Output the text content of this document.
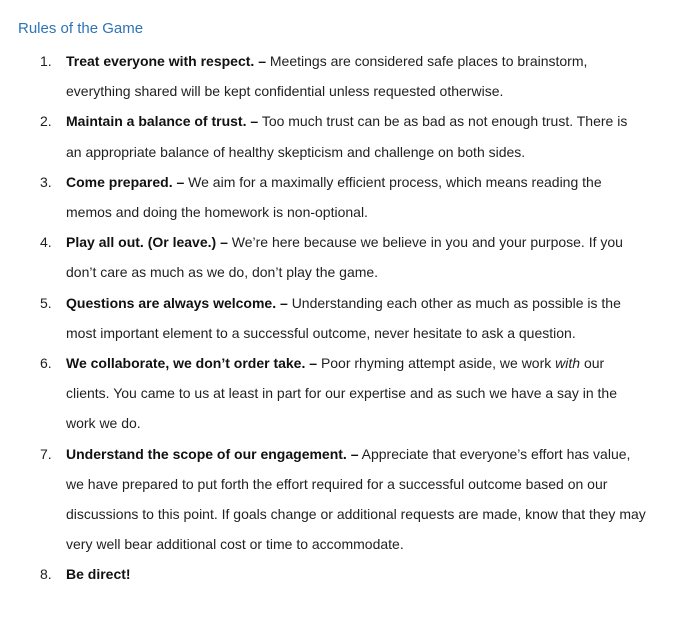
Rules of the Game
1.	Treat everyone with respect. – Meetings are considered safe places to brainstorm, everything shared will be kept confidential unless requested otherwise.
2.	Maintain a balance of trust. – Too much trust can be as bad as not enough trust. There is an appropriate balance of healthy skepticism and challenge on both sides.
3.	Come prepared. – We aim for a maximally efficient process, which means reading the memos and doing the homework is non-optional.
4.	Play all out. (Or leave.) – We’re here because we believe in you and your purpose. If you don’t care as much as we do, don’t play the game.
5.	Questions are always welcome. – Understanding each other as much as possible is the most important element to a successful outcome, never hesitate to ask a question.
6.	We collaborate, we don’t order take. – Poor rhyming attempt aside, we work with our clients. You came to us at least in part for our expertise and as such we have a say in the work we do.
7.	Understand the scope of our engagement. – Appreciate that everyone’s effort has value, we have prepared to put forth the effort required for a successful outcome based on our discussions to this point. If goals change or additional requests are made, know that they may very well bear additional cost or time to accommodate.
8.	Be direct!
